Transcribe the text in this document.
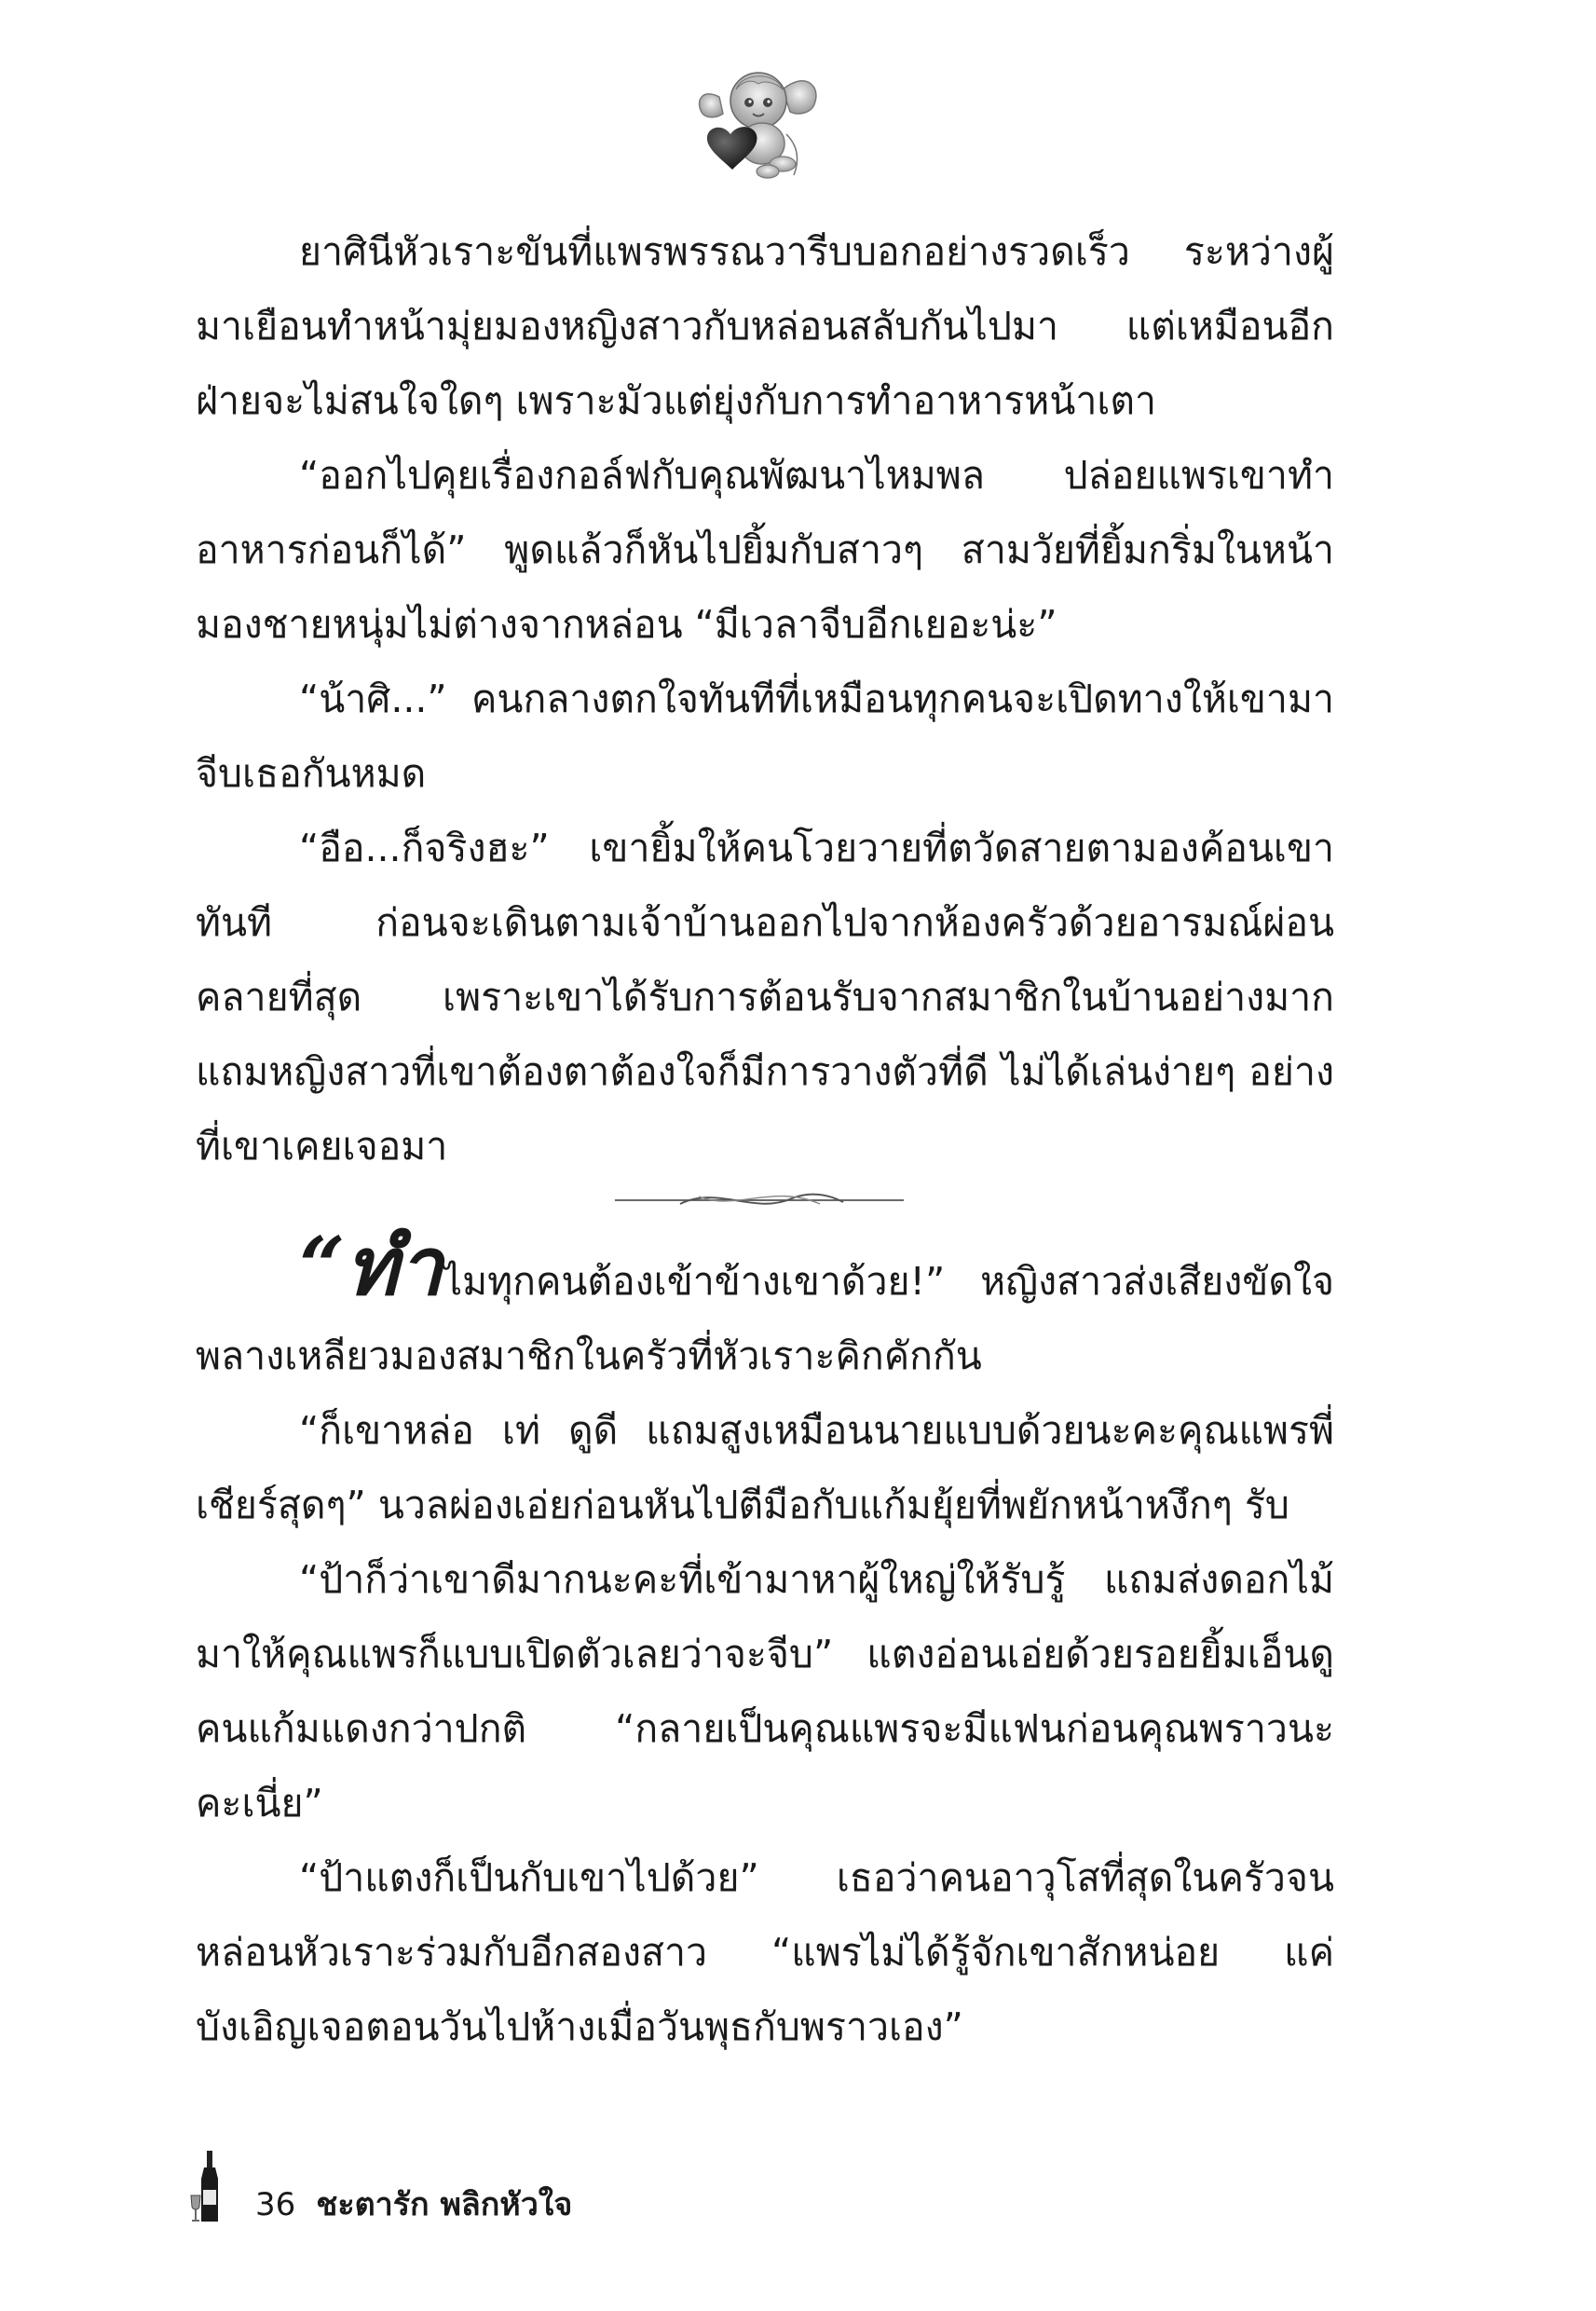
ยาศินีหัวเราะขันที่แพรพรรณวารีบบอกอย่างรวดเร็ว ระหว่างผู้มาเยือนทำหน้ามุ่ยมองหญิงสาวกับหล่อนสลับกันไปมา แต่เหมือนอีกฝ่ายจะไม่สนใจใดๆ เพราะมัวแต่ยุ่งกับการทำอาหารหน้าเตา

“ออกไปคุยเรื่องกอล์ฟกับคุณพัฒนาไหมพล ปล่อยแพรเขาทำอาหารก่อนก็ได้” พูดแล้วก็หันไปยิ้มกับสาวๆ สามวัยที่ยิ้มกริ่มในหน้ามองชายหนุ่มไม่ต่างจากหล่อน “มีเวลาจีบอีกเยอะน่ะ”

“น้าศิ...” คนกลางตกใจทันทีที่เหมือนทุกคนจะเปิดทางให้เขามาจีบเธอกันหมด

“อือ...ก็จริงฮะ” เขายิ้มให้คนโวยวายที่ตวัดสายตามองค้อนเขาทันที ก่อนจะเดินตามเจ้าบ้านออกไปจากห้องครัวด้วยอารมณ์ผ่อนคลายที่สุด เพราะเขาได้รับการต้อนรับจากสมาชิกในบ้านอย่างมาก แถมหญิงสาวที่เขาต้องตาต้องใจก็มีการวางตัวที่ดี ไม่ได้เล่นง่ายๆ อย่างที่เขาเคยเจอมา

“ทำไมทุกคนต้องเข้าข้างเขาด้วย!” หญิงสาวส่งเสียงขัดใจพลางเหลียวมองสมาชิกในครัวที่หัวเราะคิกคักกัน

“ก็เขาหล่อ เท่ ดูดี แถมสูงเหมือนนายแบบด้วยนะคะคุณแพรพี่เชียร์สุดๆ” นวลผ่องเอ่ยก่อนหันไปตีมือกับแก้มยุ้ยที่พยักหน้าหงึกๆ รับ

“ป้าก็ว่าเขาดีมากนะคะที่เข้ามาหาผู้ใหญ่ให้รับรู้ แถมส่งดอกไม้มาให้คุณแพรก็แบบเปิดตัวเลยว่าจะจีบ” แตงอ่อนเอ่ยด้วยรอยยิ้มเอ็นดูคนแก้มแดงกว่าปกติ “กลายเป็นคุณแพรจะมีแฟนก่อนคุณพราวนะคะเนี่ย”

“ป้าแตงก็เป็นกับเขาไปด้วย” เธอว่าคนอาวุโสที่สุดในครัวจนหล่อนหัวเราะร่วมกับอีกสองสาว “แพรไม่ได้รู้จักเขาสักหน่อย แค่บังเอิญเจอตอนวันไปห้างเมื่อวันพุธกับพราวเอง”

36 ชะตารัก พลิกหัวใจ
